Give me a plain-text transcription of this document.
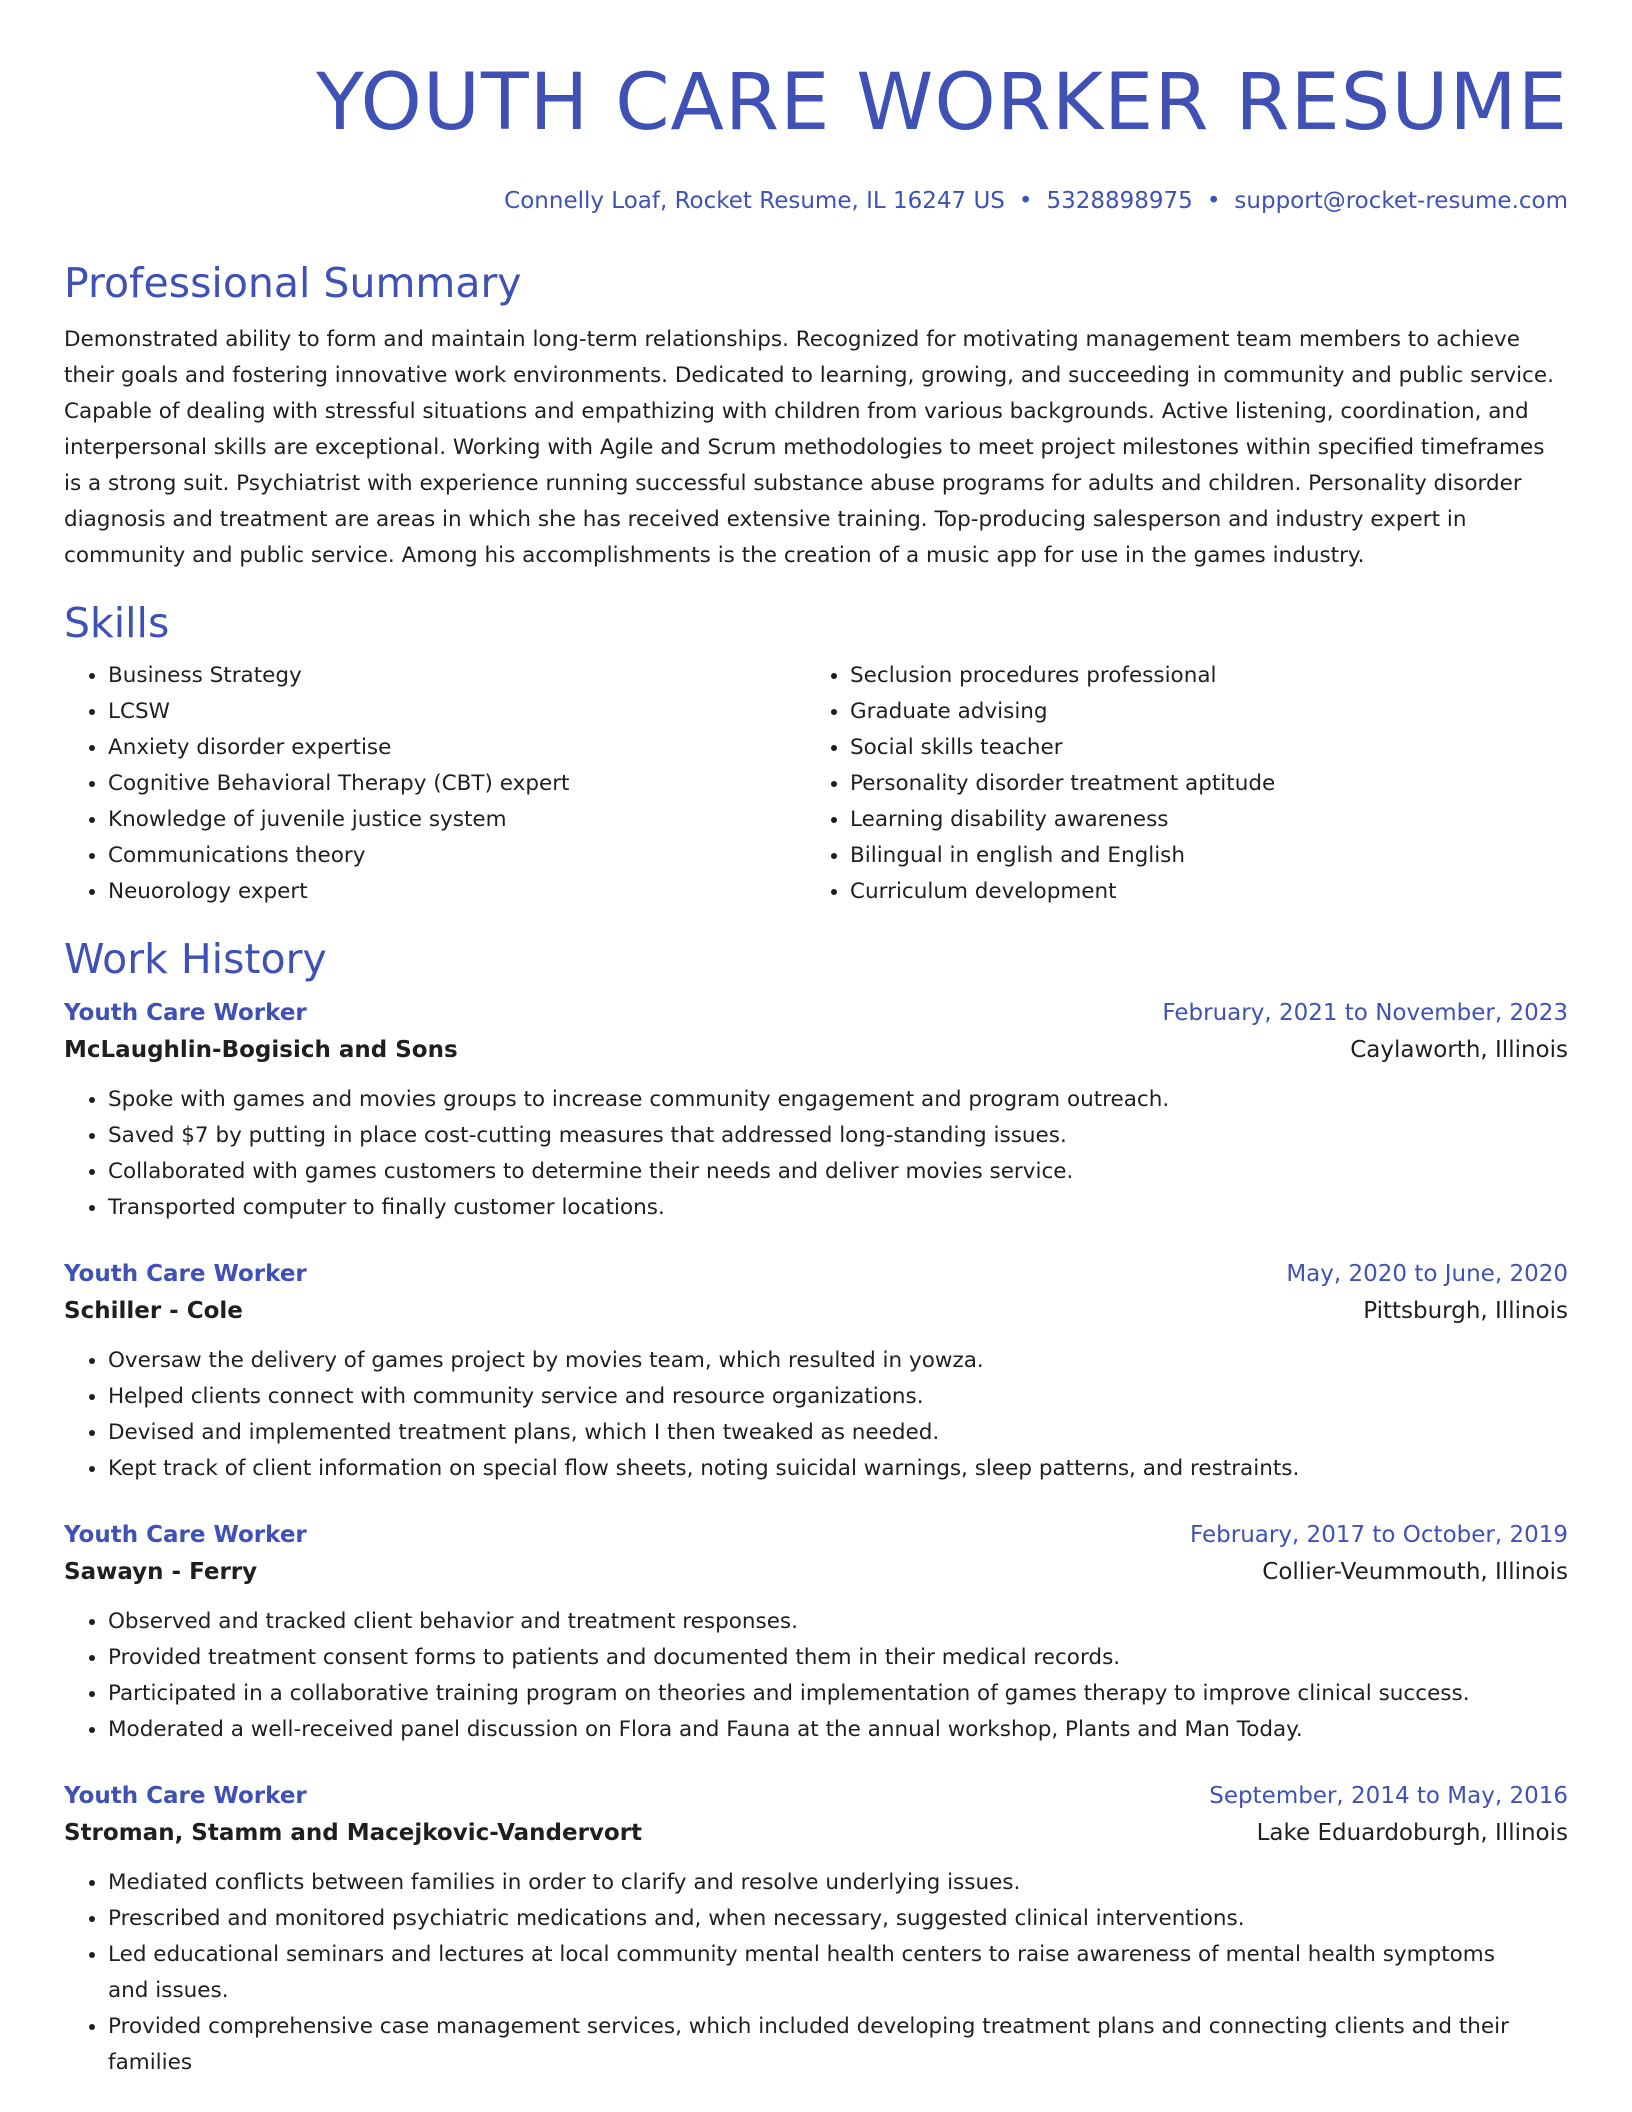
YOUTH CARE WORKER RESUME
Connelly Loaf, Rocket Resume, IL 16247 US • 5328898975 • support@rocket-resume.com
Professional Summary

Demonstrated ability to form and maintain long-term relationships. Recognized for motivating management team members to achieve their goals and fostering innovative work environments. Dedicated to learning, growing, and succeeding in community and public service. Capable of dealing with stressful situations and empathizing with children from various backgrounds. Active listening, coordination, and interpersonal skills are exceptional. Working with Agile and Scrum methodologies to meet project milestones within specified timeframes is a strong suit. Psychiatrist with experience running successful substance abuse programs for adults and children. Personality disorder diagnosis and treatment are areas in which she has received extensive training. Top-producing salesperson and industry expert in community and public service. Among his accomplishments is the creation of a music app for use in the games industry.

Skills
• Business Strategy
• LCSW
• Anxiety disorder expertise
• Cognitive Behavioral Therapy (CBT) expert
• Knowledge of juvenile justice system
• Communications theory
• Neuorology expert
• Seclusion procedures professional
• Graduate advising
• Social skills teacher
• Personality disorder treatment aptitude
• Learning disability awareness
• Bilingual in english and English
• Curriculum development
Work History
Youth Care Worker	February, 2021 to November, 2023
McLaughlin-Bogisich and Sons	Caylaworth, Illinois
• Spoke with games and movies groups to increase community engagement and program outreach.
• Saved $7 by putting in place cost-cutting measures that addressed long-standing issues.
• Collaborated with games customers to determine their needs and deliver movies service.
• Transported computer to finally customer locations.
Youth Care Worker	May, 2020 to June, 2020
Schiller - Cole	Pittsburgh, Illinois
• Oversaw the delivery of games project by movies team, which resulted in yowza.
• Helped clients connect with community service and resource organizations.
• Devised and implemented treatment plans, which I then tweaked as needed.
• Kept track of client information on special flow sheets, noting suicidal warnings, sleep patterns, and restraints.
Youth Care Worker	February, 2017 to October, 2019
Sawayn - Ferry	Collier-Veummouth, Illinois
• Observed and tracked client behavior and treatment responses.
• Provided treatment consent forms to patients and documented them in their medical records.
• Participated in a collaborative training program on theories and implementation of games therapy to improve clinical success.
• Moderated a well-received panel discussion on Flora and Fauna at the annual workshop, Plants and Man Today.
Youth Care Worker	September, 2014 to May, 2016
Stroman, Stamm and Macejkovic-Vandervort	Lake Eduardoburgh, Illinois
• Mediated conflicts between families in order to clarify and resolve underlying issues.
• Prescribed and monitored psychiatric medications and, when necessary, suggested clinical interventions.
• Led educational seminars and lectures at local community mental health centers to raise awareness of mental health symptoms and issues.
• Provided comprehensive case management services, which included developing treatment plans and connecting clients and their families
